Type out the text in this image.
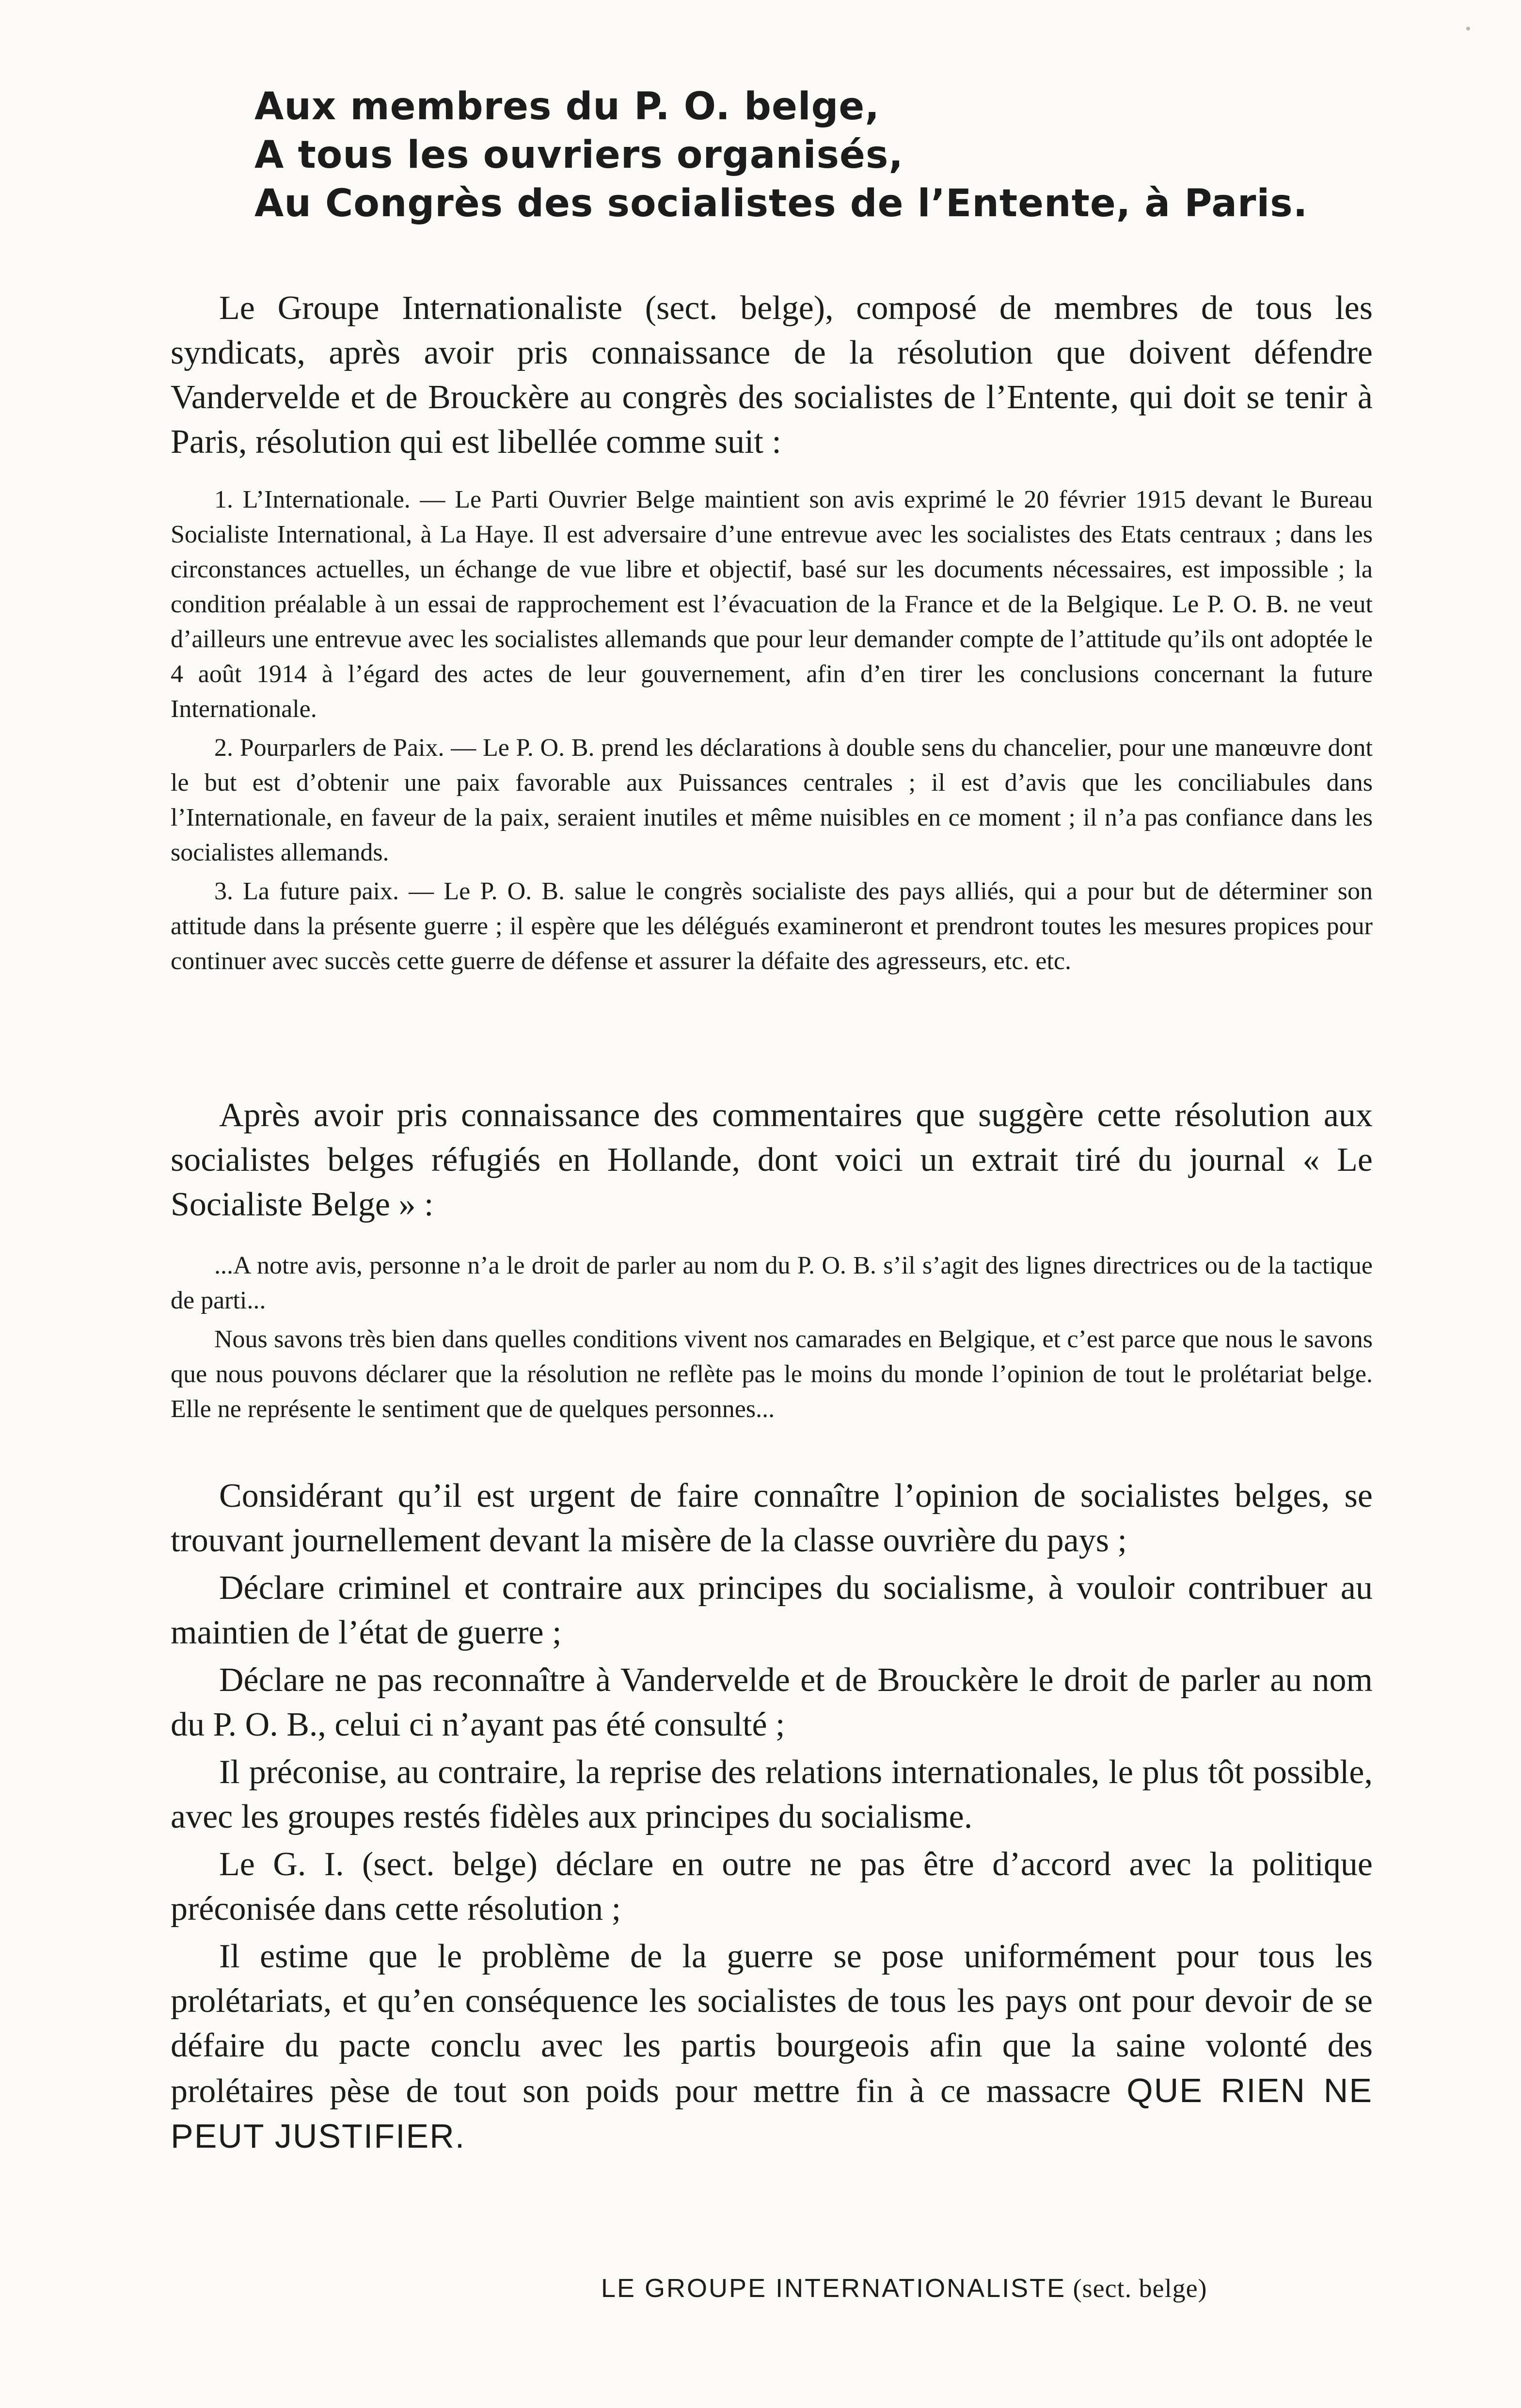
Aux membres du P. O. belge,
A tous les ouvriers organisés,
Au Congrès des socialistes de l’Entente, à Paris.

Le Groupe Internationaliste (sect. belge), composé de membres de tous les syndicats, après avoir pris connaissance de la résolution que doivent défendre Vandervelde et de Brouckère au congrès des socialistes de l’Entente, qui doit se tenir à Paris, résolution qui est libellée comme suit :

1. L’Internationale. — Le Parti Ouvrier Belge maintient son avis exprimé le 20 février 1915 devant le Bureau Socialiste International, à La Haye. Il est adversaire d’une entrevue avec les socialistes des Etats centraux ; dans les circonstances actuelles, un échange de vue libre et objectif, basé sur les documents nécessaires, est impossible ; la condition préalable à un essai de rapprochement est l’évacuation de la France et de la Belgique. Le P. O. B. ne veut d’ailleurs une entrevue avec les socialistes allemands que pour leur demander compte de l’attitude qu’ils ont adoptée le 4 août 1914 à l’égard des actes de leur gouvernement, afin d’en tirer les conclusions concernant la future Internationale.

2. Pourparlers de Paix. — Le P. O. B. prend les déclarations à double sens du chancelier, pour une manœuvre dont le but est d’obtenir une paix favorable aux Puissances centrales ; il est d’avis que les conciliabules dans l’Internationale, en faveur de la paix, seraient inutiles et même nuisibles en ce moment ; il n’a pas confiance dans les socialistes allemands.

3. La future paix. — Le P. O. B. salue le congrès socialiste des pays alliés, qui a pour but de déterminer son attitude dans la présente guerre ; il espère que les délégués examineront et prendront toutes les mesures propices pour continuer avec succès cette guerre de défense et assurer la défaite des agresseurs, etc. etc.

Après avoir pris connaissance des commentaires que suggère cette résolution aux socialistes belges réfugiés en Hollande, dont voici un extrait tiré du journal « Le Socialiste Belge » :

...A notre avis, personne n’a le droit de parler au nom du P. O. B. s’il s’agit des lignes directrices ou de la tactique de parti...

Nous savons très bien dans quelles conditions vivent nos camarades en Belgique, et c’est parce que nous le savons que nous pouvons déclarer que la résolution ne reflète pas le moins du monde l’opinion de tout le prolétariat belge. Elle ne représente le sentiment que de quelques personnes...

Considérant qu’il est urgent de faire connaître l’opinion de socialistes belges, se trouvant journellement devant la misère de la classe ouvrière du pays ;

Déclare criminel et contraire aux principes du socialisme, à vouloir contribuer au maintien de l’état de guerre ;

Déclare ne pas reconnaître à Vandervelde et de Brouckère le droit de parler au nom du P. O. B., celui ci n’ayant pas été consulté ;

Il préconise, au contraire, la reprise des relations internationales, le plus tôt possible, avec les groupes restés fidèles aux principes du socialisme.

Le G. I. (sect. belge) déclare en outre ne pas être d’accord avec la politique préconisée dans cette résolution ;

Il estime que le problème de la guerre se pose uniformément pour tous les prolétariats, et qu’en conséquence les socialistes de tous les pays ont pour devoir de se défaire du pacte conclu avec les partis bourgeois afin que la saine volonté des prolétaires pèse de tout son poids pour mettre fin à ce massacre QUE RIEN NE PEUT JUSTIFIER.

LE GROUPE INTERNATIONALISTE (sect. belge)
